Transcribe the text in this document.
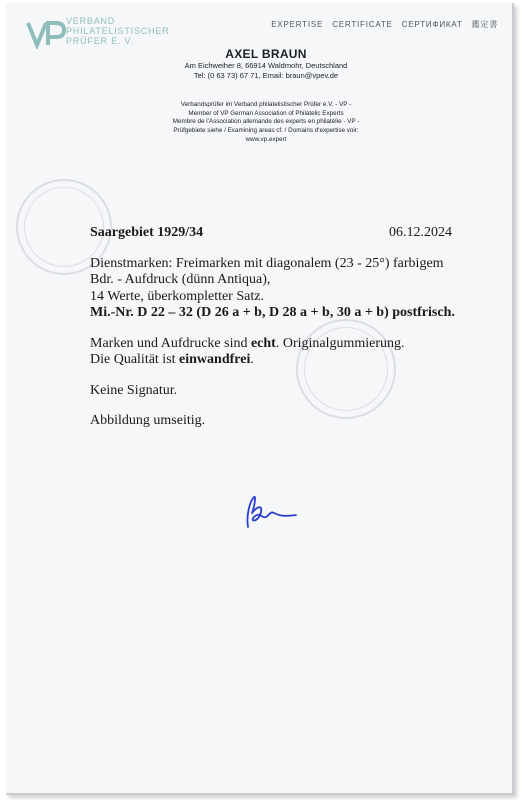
VERBAND
PHILATELISTISCHER
PRÜFER E. V.
EXPERTISE CERTIFICATE СЕРТИФИКАТ 鑑定書
AXEL BRAUN
Am Eichweiher 8, 66914 Waldmohr, Deutschland
Tel: (0 63 73) 67 71, Email: braun@vpev.de
Verbandsprüfer im Verband philatelistischer Prüfer e.V. - VP -
Member of VP German Association of Philatelic Experts
Membre de l'Association allemande des experts en philatélie - VP -
Prüfgebiete siehe / Examining areas cf. / Domains d'expertise voir:
www.vp.expert
Saargebiet 1929/34	06.12.2024

Dienstmarken: Freimarken mit diagonalem (23 - 25°) farbigem

Bdr. - Aufdruck (dünn Antiqua),

14 Werte, überkompletter Satz.

Mi.-Nr. D 22 – 32 (D 26 a + b, D 28 a + b, 30 a + b) postfrisch.

Marken und Aufdrucke sind echt. Originalgummierung.

Die Qualität ist einwandfrei.

Keine Signatur.

Abbildung umseitig.
